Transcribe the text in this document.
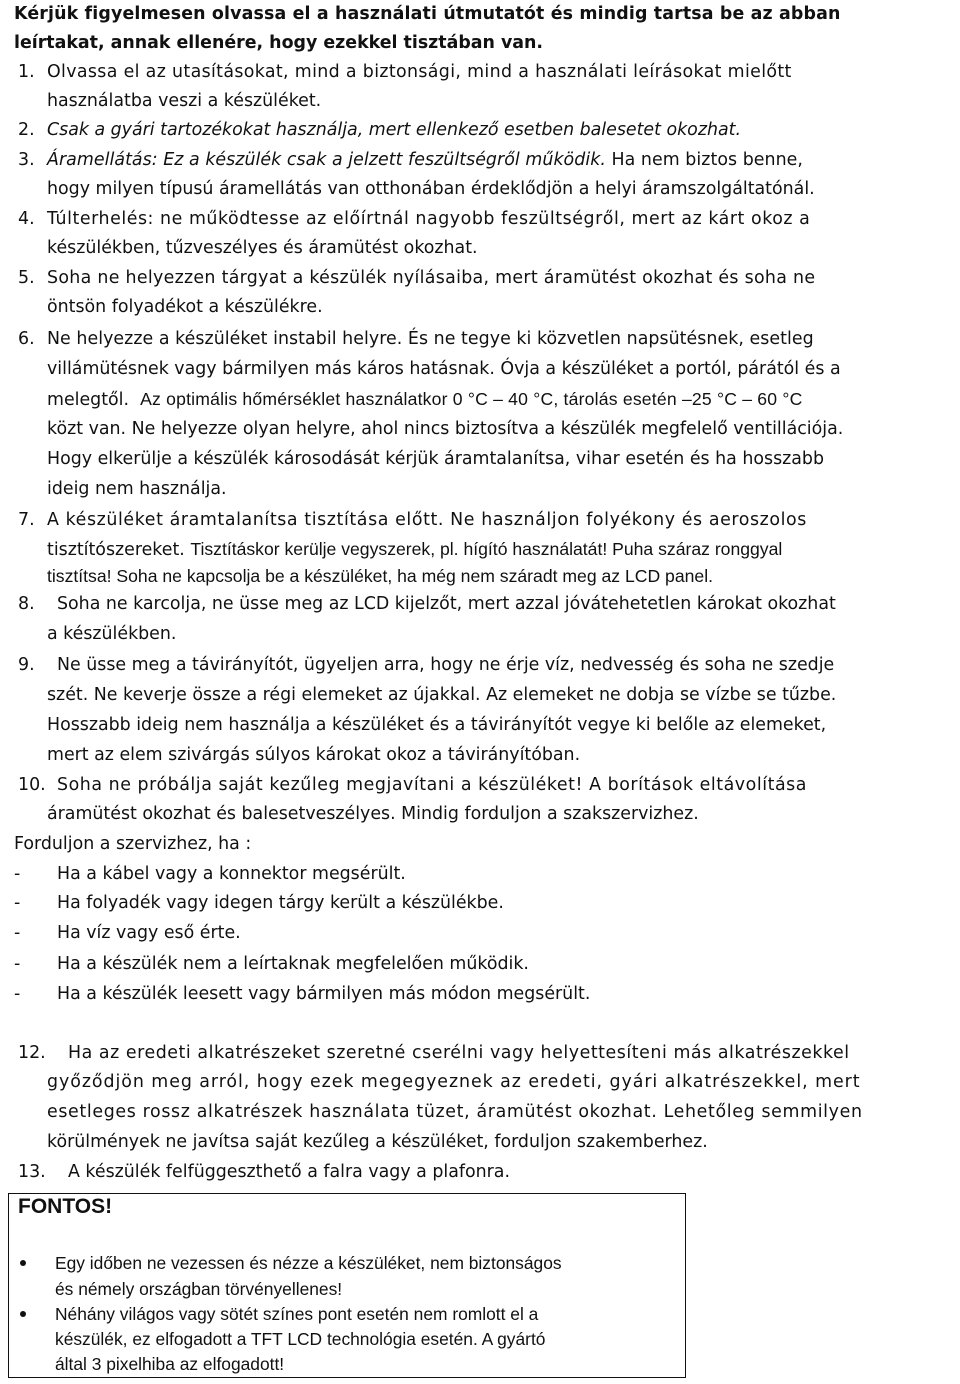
Kérjük figyelmesen olvassa el a használati útmutatót és mindig tartsa be az abban
leírtakat, annak ellenére, hogy ezekkel tisztában van.
1. Olvassa el az utasításokat, mind a biztonsági, mind a használati leírásokat mielőtt
használatba veszi a készüléket.
2. Csak a gyári tartozékokat használja, mert ellenkező esetben balesetet okozhat.
3. Áramellátás: Ez a készülék csak a jelzett feszültségről működik. Ha nem biztos benne,
hogy milyen típusú áramellátás van otthonában érdeklődjön a helyi áramszolgáltatónál.
4. Túlterhelés: ne működtesse az előírtnál nagyobb feszültségről, mert az kárt okoz a
készülékben, tűzveszélyes és áramütést okozhat.
5. Soha ne helyezzen tárgyat a készülék nyílásaiba, mert áramütést okozhat és soha ne
öntsön folyadékot a készülékre.
6. Ne helyezze a készüléket instabil helyre. És ne tegye ki közvetlen napsütésnek, esetleg
villámütésnek vagy bármilyen más káros hatásnak. Óvja a készüléket a portól, párától és a
melegtől. Az optimális hőmérséklet használatkor 0 °C – 40 °C, tárolás esetén –25 °C – 60 °C
közt van. Ne helyezze olyan helyre, ahol nincs biztosítva a készülék megfelelő ventillációja.
Hogy elkerülje a készülék károsodását kérjük áramtalanítsa, vihar esetén és ha hosszabb
ideig nem használja.
7. A készüléket áramtalanítsa tisztítása előtt. Ne használjon folyékony és aeroszolos
tisztítószereket. Tisztításkor kerülje vegyszerek, pl. hígító használatát! Puha száraz ronggyal
tisztítsa! Soha ne kapcsolja be a készüléket, ha még nem száradt meg az LCD panel.
8. Soha ne karcolja, ne üsse meg az LCD kijelzőt, mert azzal jóvátehetetlen károkat okozhat
a készülékben.
9. Ne üsse meg a távirányítót, ügyeljen arra, hogy ne érje víz, nedvesség és soha ne szedje
szét. Ne keverje össze a régi elemeket az újakkal. Az elemeket ne dobja se vízbe se tűzbe.
Hosszabb ideig nem használja a készüléket és a távirányítót vegye ki belőle az elemeket,
mert az elem szivárgás súlyos károkat okoz a távirányítóban.
10. Soha ne próbálja saját kezűleg megjavítani a készüléket! A borítások eltávolítása
áramütést okozhat és balesetveszélyes. Mindig forduljon a szakszervizhez.
Forduljon a szervizhez, ha :
- Ha a kábel vagy a konnektor megsérült.
- Ha folyadék vagy idegen tárgy került a készülékbe.
- Ha víz vagy eső érte.
- Ha a készülék nem a leírtaknak megfelelően működik.
- Ha a készülék leesett vagy bármilyen más módon megsérült.
12. Ha az eredeti alkatrészeket szeretné cserélni vagy helyettesíteni más alkatrészekkel
győződjön meg arról, hogy ezek megegyeznek az eredeti, gyári alkatrészekkel, mert
esetleges rossz alkatrészek használata tüzet, áramütést okozhat. Lehetőleg semmilyen
körülmények ne javítsa saját kezűleg a készüléket, forduljon szakemberhez.
13. A készülék felfüggeszthető a falra vagy a plafonra.
FONTOS!
Egy időben ne vezessen és nézze a készüléket, nem biztonságos
és némely országban törvényellenes!
Néhány világos vagy sötét színes pont esetén nem romlott el a
készülék, ez elfogadott a TFT LCD technológia esetén. A gyártó
által 3 pixelhiba az elfogadott!
